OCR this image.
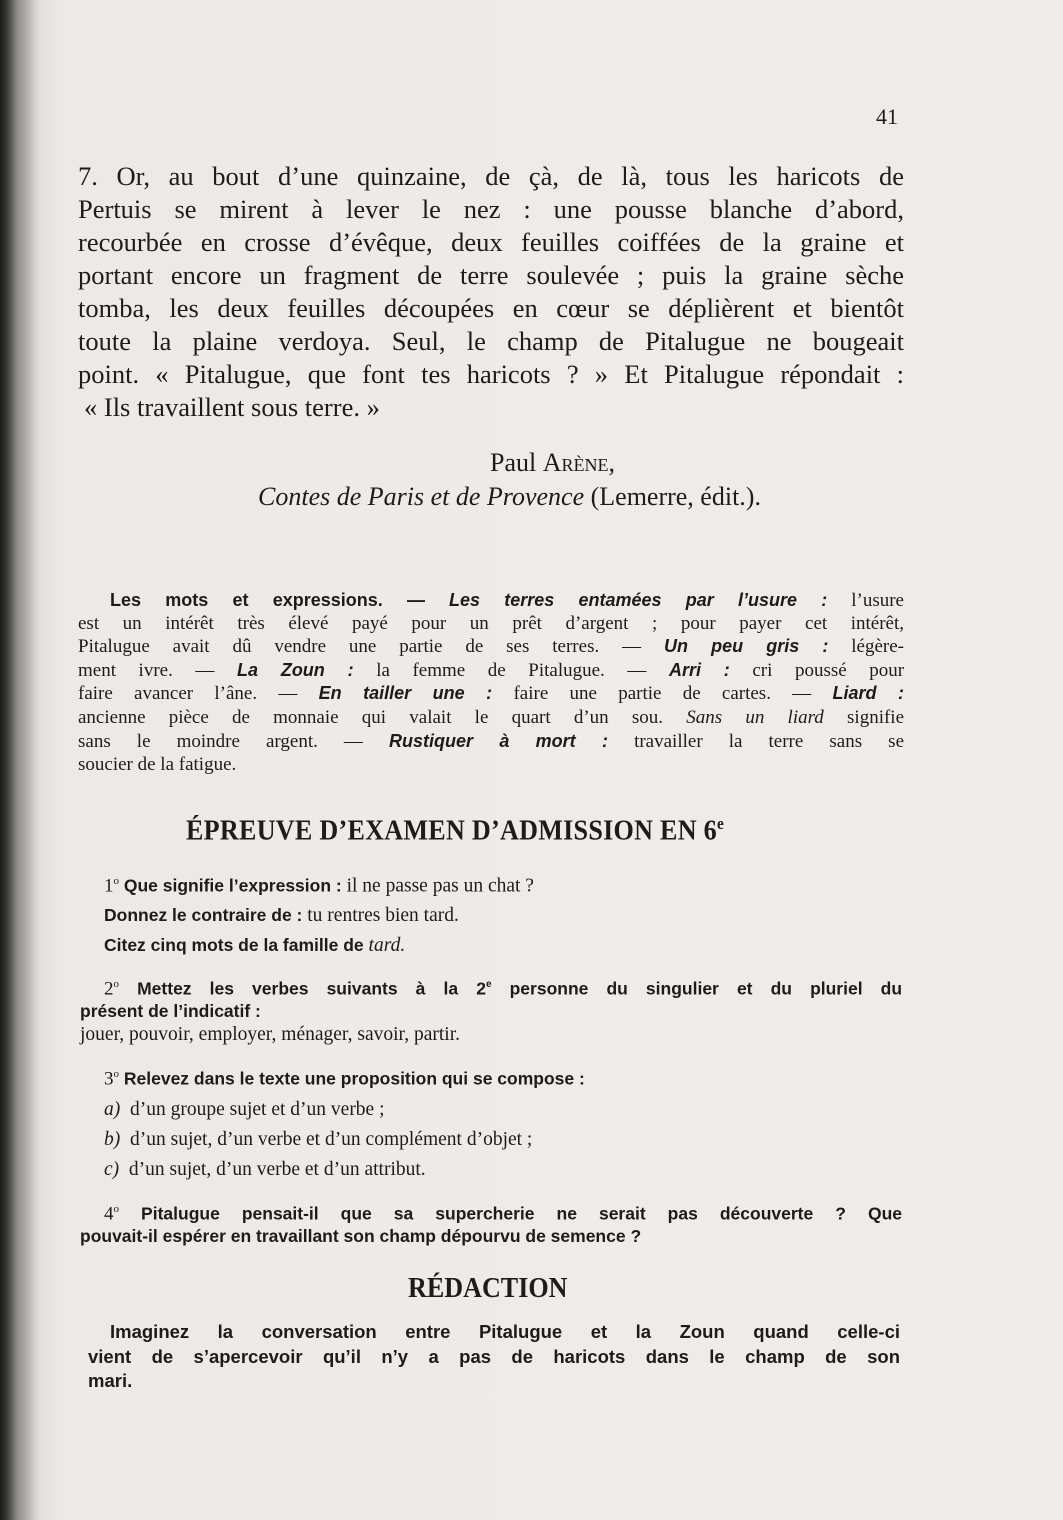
41
7. Or, au bout d’une quinzaine, de çà, de là, tous les haricots de
Pertuis se mirent à lever le nez : une pousse blanche d’abord,
recourbée en crosse d’évêque, deux feuilles coiffées de la graine et
portant encore un fragment de terre soulevée ; puis la graine sèche
tomba, les deux feuilles découpées en cœur se déplièrent et bientôt
toute la plaine verdoya. Seul, le champ de Pitalugue ne bougeait
point. « Pitalugue, que font tes haricots ? » Et Pitalugue répondait :
« Ils travaillent sous terre. »
Paul Arène,
Contes de Paris et de Provence (Lemerre, édit.).
Les mots et expressions. — Les terres entamées par l’usure : l’usure
est un intérêt très élevé payé pour un prêt d’argent ; pour payer cet intérêt,
Pitalugue avait dû vendre une partie de ses terres. — Un peu gris : légère-
ment ivre. — La Zoun : la femme de Pitalugue. — Arri : cri poussé pour
faire avancer l’âne. — En tailler une : faire une partie de cartes. — Liard :
ancienne pièce de monnaie qui valait le quart d’un sou. Sans un liard signifie
sans le moindre argent. — Rustiquer à mort : travailler la terre sans se
soucier de la fatigue.
ÉPREUVE D’EXAMEN D’ADMISSION EN 6e
1$^o$ Que signifie l’expression : il ne passe pas un chat ?
Donnez le contraire de : tu rentres bien tard.
Citez cinq mots de la famille de tard.
2$^o$ Mettez les verbes suivants à la 2e personne du singulier et du pluriel du
présent de l’indicatif :
jouer, pouvoir, employer, ménager, savoir, partir.
3$^o$ Relevez dans le texte une proposition qui se compose :
a) d’un groupe sujet et d’un verbe ;
b) d’un sujet, d’un verbe et d’un complément d’objet ;
c) d’un sujet, d’un verbe et d’un attribut.
4$^o$ Pitalugue pensait-il que sa supercherie ne serait pas découverte ? Que
pouvait-il espérer en travaillant son champ dépourvu de semence ?
RÉDACTION
Imaginez la conversation entre Pitalugue et la Zoun quand celle-ci
vient de s’apercevoir qu’il n’y a pas de haricots dans le champ de son
mari.
